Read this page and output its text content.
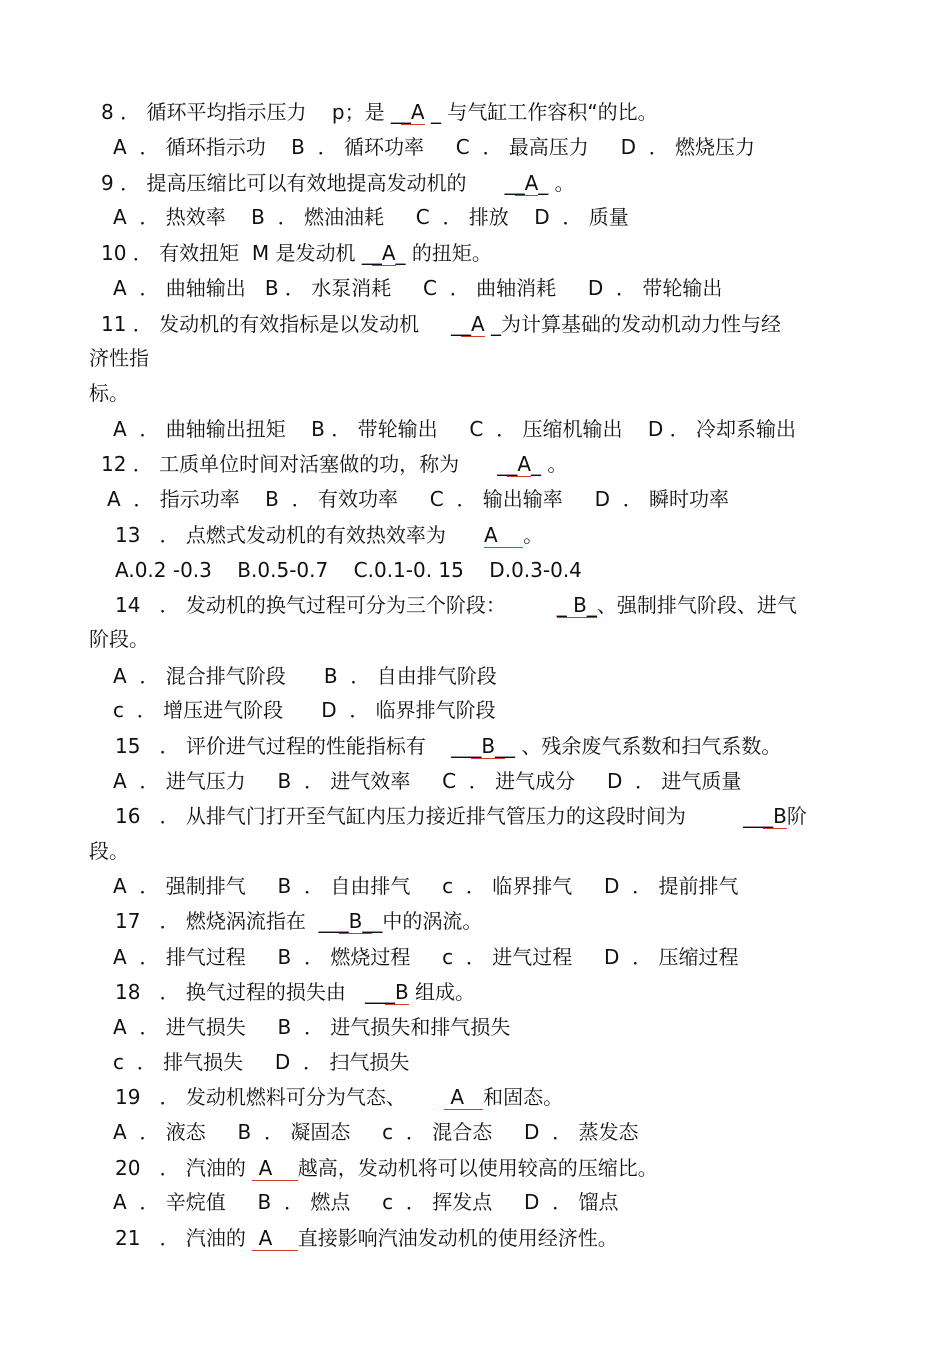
8 ． 循环平均指示压力    p；是 __A _ 与气缸工作容积“的比。
A  ． 循环指示功    B  ． 循环功率     C  ． 最高压力     D  ． 燃烧压力
9 ． 提高压缩比可以有效地提高发动机的      __A_ 。
A  ． 热效率    B  ． 燃油油耗     C  ． 排放    D  ． 质量
10 ． 有效扭矩  M 是发动机 __A_ 的扭矩。
A  ． 曲轴输出   B ． 水泵消耗     C  ． 曲轴消耗     D  ． 带轮输出
11 ． 发动机的有效指标是以发动机     __A _为计算基础的发动机动力性与经
济性指
标。
A  ． 曲轴输出扭矩    B ． 带轮输出     C  ． 压缩机输出    D ． 冷却系输出
12 ． 工质单位时间对活塞做的功，称为      __A_ 。
A  ． 指示功率    B  ． 有效功率     C  ． 输出输率     D  ． 瞬时功率
13   ． 点燃式发动机的有效热效率为      A    。
A.0.2 -0.3    B.0.5-0.7    C.0.1-0. 15    D.0.3-0.4
14   ． 发动机的换气过程可分为三个阶段：        _ B_、强制排气阶段、进气
阶段。
A  ． 混合排气阶段      B  ． 自由排气阶段
c  ． 增压进气阶段      D  ． 临界排气阶段
15   ． 评价进气过程的性能指标有    ___B__ 、残余废气系数和扫气系数。
A  ． 进气压力     B  ． 进气效率     C  ． 进气成分     D  ． 进气质量
16   ． 从排气门打开至气缸内压力接近排气管压力的这段时间为         ___B阶
段。
A  ． 强制排气     B  ． 自由排气     c  ． 临界排气     D  ． 提前排气
17   ． 燃烧涡流指在  ___B__中的涡流。
A  ． 排气过程     B  ． 燃烧过程     c  ． 进气过程     D  ． 压缩过程
18   ． 换气过程的损失由   ___B 组成。
A  ． 进气损失     B  ． 进气损失和排气损失
c  ． 排气损失     D  ． 扫气损失
19   ． 发动机燃料可分为气态、       A   和固态。
A  ． 液态     B  ． 凝固态     c  ． 混合态     D  ． 蒸发态
20   ． 汽油的  A    越高，发动机将可以使用较高的压缩比。
A  ． 辛烷值     B  ． 燃点     c  ． 挥发点     D  ． 馏点
21   ． 汽油的  A    直接影响汽油发动机的使用经济性。
